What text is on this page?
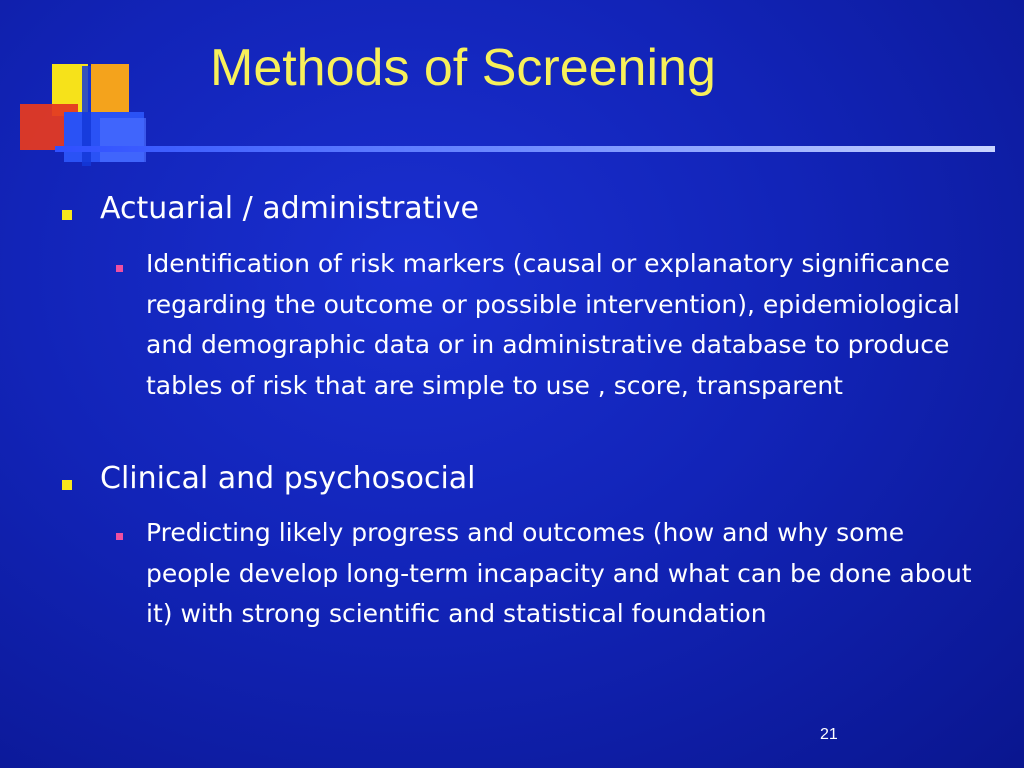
Methods of Screening
Actuarial / administrative

Identification of risk markers (causal or explanatory significance regarding the outcome or possible intervention), epidemiological and demographic data or in administrative database to produce tables of risk that are simple to use , score, transparent

Clinical and psychosocial

Predicting likely progress and outcomes (how and why some people develop long-term incapacity and what can be done about it) with strong scientific and statistical foundation

21
